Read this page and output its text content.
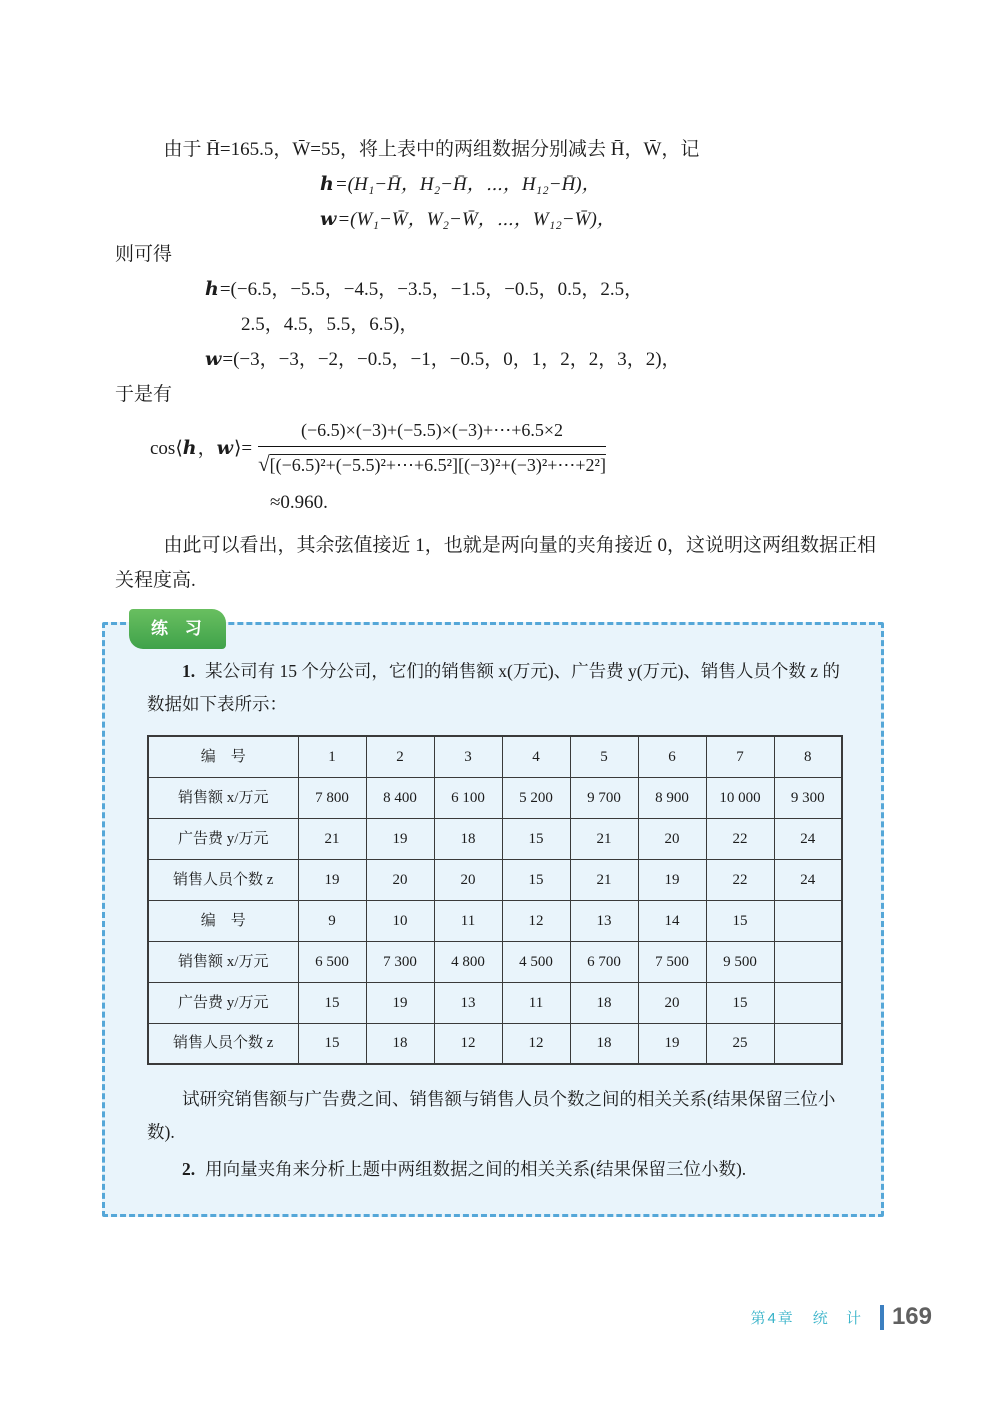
由于 H̄=165.5，W̄=55，将上表中的两组数据分别减去 H̄，W̄，记

h=(H₁−H̄，H₂−H̄，⋯，H₁₂−H̄)，
w=(W₁−W̄，W₂−W̄，⋯，W₁₂−W̄)，

则可得

h=(−6.5，−5.5，−4.5，−3.5，−1.5，−0.5，0.5，2.5，
2.5，4.5，5.5，6.5)，
w=(−3，−3，−2，−0.5，−1，−0.5，0，1，2，2，3，2)，

于是有

cos⟨h，w⟩= $\frac{(-6.5)\times(-3)+(-5.5)\times(-3)+\cdots+6.5\times 2}{\text{√[(−6.5)²+(−5.5)²+⋯+6.5²][(−3)²+(−3)²+⋯+2²]}}$
≈0.960.

由此可以看出，其余弦值接近 1，也就是两向量的夹角接近 0，这说明这两组数据正相关程度高.

练 习

1. 某公司有 15 个分公司，它们的销售额 x(万元)、广告费 y(万元)、销售人员个数 z 的数据如下表所示：

编　号	1	2	3	4	5	6	7	8
销售额 x/万元	7 800	8 400	6 100	5 200	9 700	8 900	10 000	9 300
广告费 y/万元	21	19	18	15	21	20	22	24
销售人员个数 z	19	20	20	15	21	19	22	24
编　号	9	10	11	12	13	14	15	
销售额 x/万元	6 500	7 300	4 800	4 500	6 700	7 500	9 500	
广告费 y/万元	15	19	13	11	18	20	15	
销售人员个数 z	15	18	12	12	18	19	25	

试研究销售额与广告费之间、销售额与销售人员个数之间的相关关系(结果保留三位小数).

2. 用向量夹角来分析上题中两组数据之间的相关关系(结果保留三位小数).

第4章 统 计 169
